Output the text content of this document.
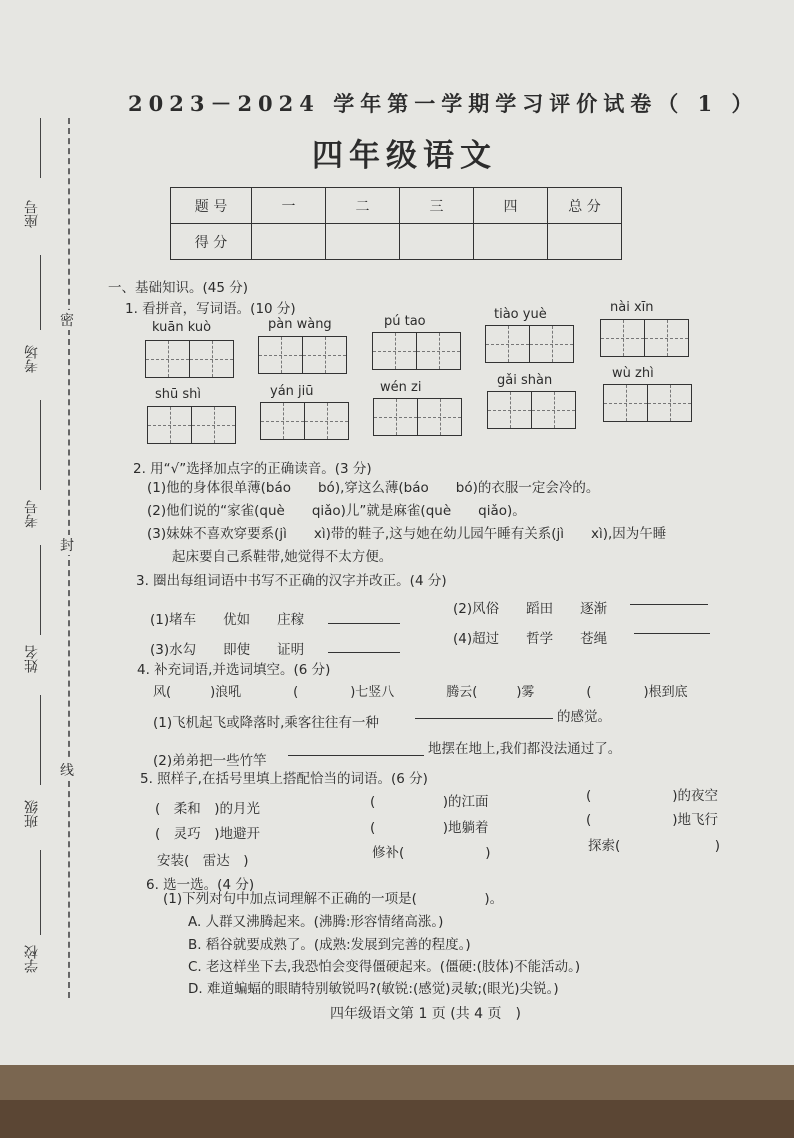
座号
考场
考号
姓名
班级
学校
密
封
线
2023－2024 学年第一学期学习评价试卷（ 1 ）
四年级语文
题 号	一	二	三	四	总 分
得 分					
一、基础知识。(45 分)
1. 看拼音，写词语。(10 分)
kuān kuò	pàn wàng	pú tao	tiào yuè	nài xīn
shū shì	yán jiū	wén zi	gǎi shàn	wù zhì
2. 用“√”选择加点字的正确读音。(3 分)
(1)他的身体很单薄(báo　　bó),穿这么薄(báo　　bó)的衣服一定会冷的。
(2)他们说的“家雀(què　　qiǎo)儿”就是麻雀(què　　qiǎo)。
(3)妹妹不喜欢穿要系(jì　　xì)带的鞋子,这与她在幼儿园午睡有关系(jì　　xì),因为午睡
起床要自己系鞋带,她觉得不太方便。
3. 圈出每组词语中书写不正确的汉字并改正。(4 分)
(1)堵车　　优如　　庄稼
(2)风俗　　蹈田　　逐渐
(3)水勾　　即使　　证明
(4)超过　　哲学　　苍绳
4. 补充词语,并选词填空。(6 分)
风(　　　)浪吼　　　　(　　　　)七竖八　　　　腾云(　　　)雾　　　　(　　　　)根到底
(1)飞机起飞或降落时,乘客往往有一种	的感觉。
(2)弟弟把一些竹竿
地摆在地上,我们都没法通过了。
5. 照样子,在括号里填上搭配恰当的词语。(6 分)
(　柔和　)的月光	(　　　　　)的江面	(　　　　　　)的夜空
(　灵巧　)地避开	(　　　　　)地躺着	(　　　　　　)地飞行
安装(　雷达　)	修补(　　　　　　)	探索(　　　　　　　)
6. 选一选。(4 分)
(1)下列对句中加点词理解不正确的一项是(　　　　　)。
A. 人群又沸腾起来。(沸腾:形容情绪高涨。)
B. 稻谷就要成熟了。(成熟:发展到完善的程度。)
C. 老这样坐下去,我恐怕会变得僵硬起来。(僵硬:(肢体)不能活动。)
D. 难道蝙蝠的眼睛特别敏锐吗?(敏锐:(感觉)灵敏;(眼光)尖锐。)
四年级语文第 1 页 (共 4 页　)
